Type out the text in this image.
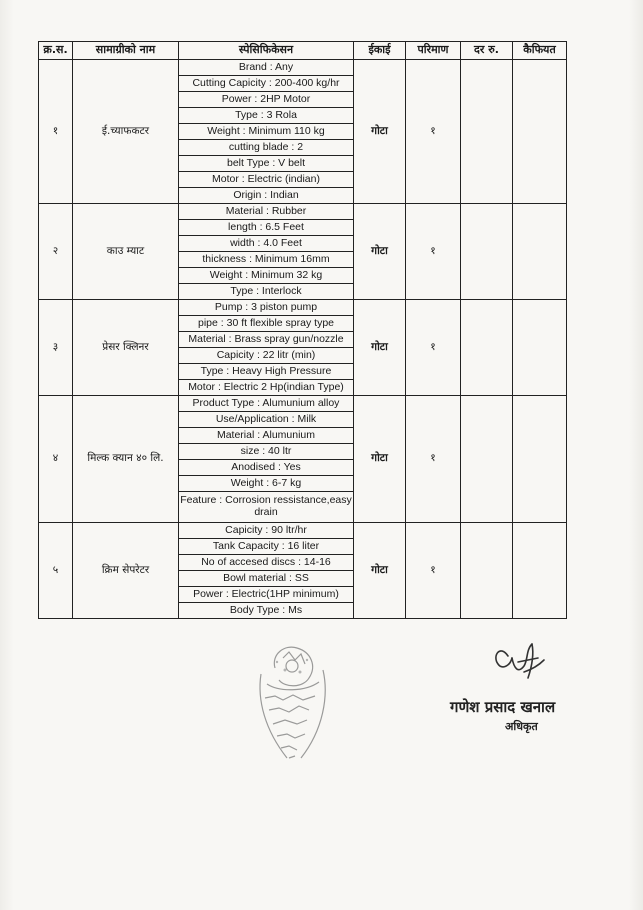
क्र.स.	सामाग्रीको नाम	स्पेसिफिकेसन	ईकाई	परिमाण	दर रु.	कैफियत
१	ई.च्याफकटर	Brand : Any	गोटा	१		
		Cutting Capicity : 200-400 kg/hr				
		Power : 2HP Motor				
		Type : 3 Rola				
		Weight : Minimum 110 kg				
		cutting blade : 2				
		belt Type : V belt				
		Motor : Electric (indian)				
		Origin : Indian				
२	काउ म्याट	Material : Rubber	गोटा	१		
		length : 6.5 Feet				
		width : 4.0 Feet				
		thickness : Minimum 16mm				
		Weight : Minimum 32 kg				
		Type : Interlock				
३	प्रेसर क्लिनर	Pump : 3 piston pump	गोटा	१		
		pipe : 30 ft flexible spray type				
		Material : Brass spray gun/nozzle				
		Capicity : 22 litr (min)				
		Type : Heavy High Pressure				
		Motor : Electric 2 Hp(indian Type)				
४	मिल्क क्यान ४० लि.	Product Type : Alumunium alloy	गोटा	१		
		Use/Application : Milk				
		Material : Alumunium				
		size : 40 ltr				
		Anodised : Yes				
		Weight : 6-7 kg				
		Feature : Corrosion ressistance,easy drain				
५	क्रिम सेपरेटर	Capicity : 90 ltr/hr	गोटा	१		
		Tank Capacity : 16 liter				
		No of accesed discs : 14-16				
		Bowl material : SS				
		Power : Electric(1HP minimum)				
		Body Type : Ms				
गणेश प्रसाद खनाल
अधिकृत
